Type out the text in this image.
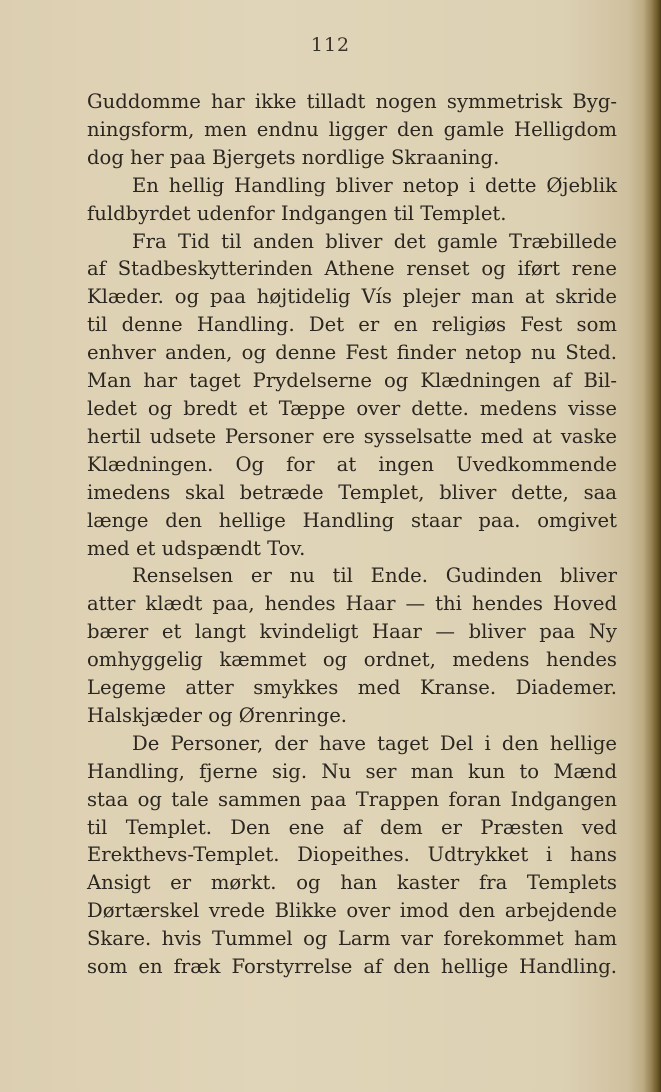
112
Guddomme har ikke tilladt nogen symmetrisk Byg-
ningsform, men endnu ligger den gamle Helligdom
dog her paa Bjergets nordlige Skraaning.
En hellig Handling bliver netop i dette Øjeblik
fuldbyrdet udenfor Indgangen til Templet.
Fra Tid til anden bliver det gamle Træbillede
af Stadbeskytterinden Athene renset og iført rene
Klæder. og paa højtidelig Vís plejer man at skride
til denne Handling. Det er en religiøs Fest som
enhver anden, og denne Fest finder netop nu Sted.
Man har taget Prydelserne og Klædningen af Bil-
ledet og bredt et Tæppe over dette. medens visse
hertil udsete Personer ere sysselsatte med at vaske
Klædningen. Og for at ingen Uvedkommende
imedens skal betræde Templet, bliver dette, saa
længe den hellige Handling staar paa. omgivet
med et udspændt Tov.
Renselsen er nu til Ende. Gudinden bliver
atter klædt paa, hendes Haar — thi hendes Hoved
bærer et langt kvindeligt Haar — bliver paa Ny
omhyggelig kæmmet og ordnet, medens hendes
Legeme atter smykkes med Kranse. Diademer.
Halskjæder og Ørenringe.
De Personer, der have taget Del i den hellige
Handling, fjerne sig. Nu ser man kun to Mænd
staa og tale sammen paa Trappen foran Indgangen
til Templet. Den ene af dem er Præsten ved
Erekthevs-Templet. Diopeithes. Udtrykket i hans
Ansigt er mørkt. og han kaster fra Templets
Dørtærskel vrede Blikke over imod den arbejdende
Skare. hvis Tummel og Larm var forekommet ham
som en fræk Forstyrrelse af den hellige Handling.
